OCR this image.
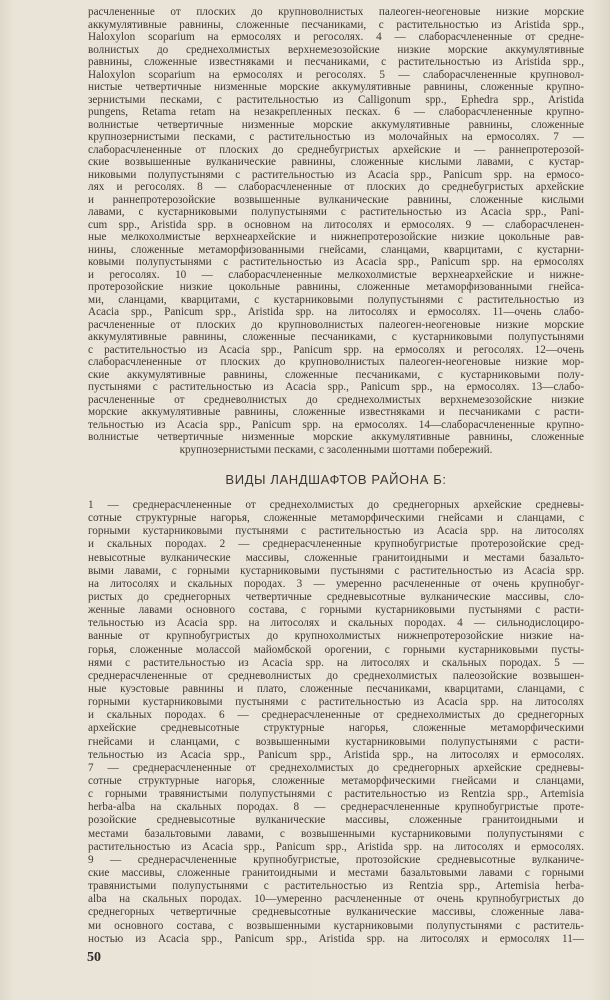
расчлененные от плоских до крупноволнистых палеоген-неогеновые низкие морские
аккумулятивные равнины, сложенные песчаниками, с растительностью из Aristida spp.,
Haloxylon scoparium на ермосолях и регосолях. 4 — слаборасчлененные от средне-
волнистых до среднехолмистых верхнемезозойские низкие морские аккумулятивные
равнины, сложенные известняками и песчаниками, с растительностью из Aristida spp.,
Haloxylon scoparium на ермосолях и регосолях. 5 — слаборасчлененные крупновол-
нистые четвертичные низменные морские аккумулятивные равнины, сложенные крупно-
зернистыми песками, с растительностью из Calligonum spp., Ephedra spp., Aristida
pungens, Retama retam на незакрепленных песках. 6 — слаборасчлененные крупно-
волнистые четвертичные низменные морские аккумулятивные равнины, сложенные
крупнозернистыми песками, с растительностью из молочайных на ермосолях. 7 —
слаборасчлененные от плоских до среднебугристых архейские и — раннепротерозой-
ские возвышенные вулканические равнины, сложенные кислыми лавами, с кустар-
никовыми полупустынями с растительностью из Acacia spp., Panicum spp. на ермосо-
лях и регосолях. 8 — слаборасчлененные от плоских до среднебугристых архейские
и раннепротерозойские возвышенные вулканические равнины, сложенные кислыми
лавами, с кустарниковыми полупустынями с растительностью из Acacia spp., Pani-
cum spp., Aristida spp. в основном на литосолях и ермосолях. 9 — слаборасчленен-
ные мелкохолмистые верхнеархейские и нижнепротерозойские низкие цокольные рав-
нины, сложенные метаморфизованными гнейсами, сланцами, кварцитами, с кустарни-
ковыми полупустынями с растительностью из Acacia spp., Panicum spp. на ермосолях
и регосолях. 10 — слаборасчлененные мелкохолмистые верхнеархейские и нижне-
протерозойские низкие цокольные равнины, сложенные метаморфизованными гнейса-
ми, сланцами, кварцитами, с кустарниковыми полупустынями с растительностью из
Acacia spp., Panicum spp., Aristida spp. на литосолях и ермосолях. 11—очень слабо-
расчлененные от плоских до крупноволнистых палеоген-неогеновые низкие морские
аккумулятивные равнины, сложенные песчаниками, с кустарниковыми полупустынями
с растительностью из Acacia spp., Panicum spp. на ермосолях и регосолях. 12—очень
слаборасчлененные от плоских до крупноволнистых палеоген-неогеновые низкие мор-
ские аккумулятивные равнины, сложенные песчаниками, с кустарниковыми полу-
пустынями с растительностью из Acacia spp., Panicum spp., на ермосолях. 13—слабо-
расчлененные от средневолнистых до среднехолмистых верхнемезозойские низкие
морские аккумулятивные равнины, сложенные известняками и песчаниками с расти-
тельностью из Acacia spp., Panicum spp. на ермосолях. 14—слаборасчлененные крупно-
волнистые четвертичные низменные морские аккумулятивные равнины, сложенные
крупнозернистыми песками, с засоленными шоттами побережий.
ВИДЫ ЛАНДШАФТОВ РАЙОНА Б:
1 — среднерасчлененные от среднехолмистых до среднегорных архейские средневы-
сотные структурные нагорья, сложенные метаморфическими гнейсами и сланцами, с
горными кустарниковыми пустынями с растительностью из Acacia spp. на литосолях
и скальных породах. 2 — среднерасчлененные крупнобугристые протерозойские сред-
невысотные вулканические массивы, сложенные гранитоидными и местами базальто-
выми лавами, с горными кустарниковыми пустынями с растительностью из Acacia spp.
на литосолях и скальных породах. 3 — умеренно расчлененные от очень крупнобуг-
ристых до среднегорных четвертичные средневысотные вулканические массивы, сло-
женные лавами основного состава, с горными кустарниковыми пустынями с расти-
тельностью из Acacia spp. на литосолях и скальных породах. 4 — сильнодислоциро-
ванные от крупнобугристых до крупнохолмистых нижнепротерозойские низкие на-
горья, сложенные молассой майомбской орогении, с горными кустарниковыми пусты-
нями с растительностью из Acacia spp. на литосолях и скальных породах. 5 —
среднерасчлененные от средневолнистых до среднехолмистых палеозойские возвышен-
ные куэстовые равнины и плато, сложенные песчаниками, кварцитами, сланцами, с
горными кустарниковыми пустынями с растительностью из Acacia spp. на литосолях
и скальных породах. 6 — среднерасчлененные от среднехолмистых до среднегорных
архейские средневысотные структурные нагорья, сложенные метаморфическими
гнейсами и сланцами, с возвышенными кустарниковыми полупустынями с расти-
тельностью из Acacia spp., Panicum spp., Aristida spp., на литосолях и ермосолях.
7 — среднерасчлененные от среднехолмистых до среднегорных архейские средневы-
сотные структурные нагорья, сложенные метаморфическими гнейсами и сланцами,
с горными травянистыми полупустынями с растительностью из Rentzia spp., Artemisia
herba-alba на скальных породах. 8 — среднерасчлененные крупнобугристые проте-
розойские средневысотные вулканические массивы, сложенные гранитоидными и
местами базальтовыми лавами, с возвышенными кустарниковыми полупустынями с
растительностью из Acacia spp., Panicum spp., Aristida spp. на литосолях и ермосолях.
9 — среднерасчлененные крупнобугристые, протозойские средневысотные вулканиче-
ские массивы, сложенные гранитоидными и местами базальтовыми лавами с горными
травянистыми полупустынями с растительностью из Rentzia spp., Artemisia herba-
alba на скальных породах. 10—умеренно расчлененные от очень крупнобугристых до
среднегорных четвертичные средневысотные вулканические массивы, сложенные лава-
ми основного состава, с возвышенными кустарниковыми полупустынями с раститель-
ностью из Acacia spp., Panicum spp., Aristida spp. на литосолях и ермосолях 11—
50
